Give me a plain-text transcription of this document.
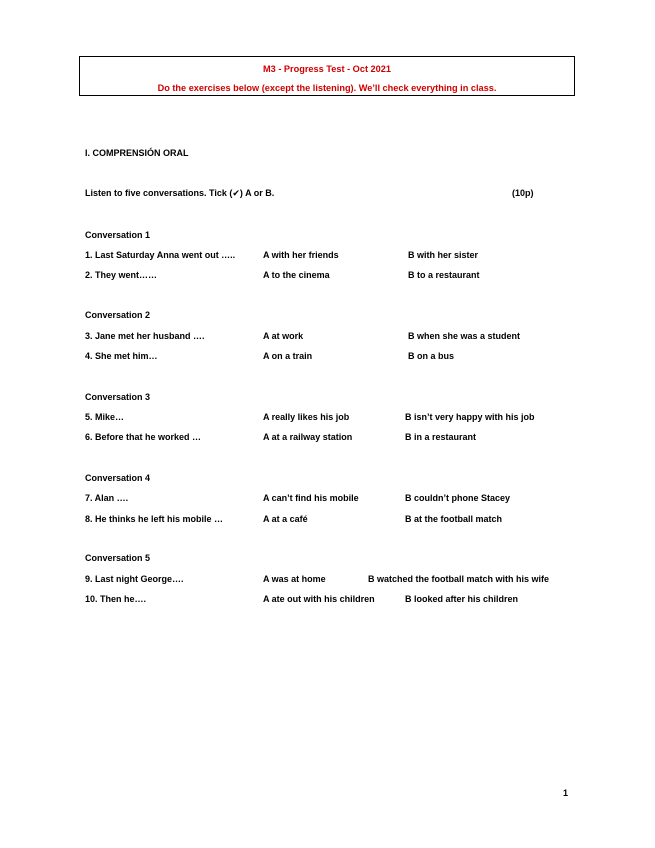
M3 - Progress Test - Oct 2021
Do the exercises below (except the listening). We’ll check everything in class.
I. COMPRENSIÓN ORAL
Listen to five conversations. Tick (✔) A or B.	(10p)
Conversation 1
1. Last Saturday Anna went out …..	A with her friends	B with her sister
2. They went……	A to the cinema	B to a restaurant
Conversation 2
3. Jane met her husband ….	A at work	B when she was a student
4. She met him…	A on a train	B on a bus
Conversation 3
5. Mike…	A really likes his job	B isn’t very happy with his job
6. Before that he worked …	A at a railway station	B in a restaurant
Conversation 4
7. Alan ….	A can’t find his mobile	B couldn’t phone Stacey
8. He thinks he left his mobile …	A at a café	B at the football match
Conversation 5
9. Last night George….	A was at home	B watched the football match with his wife
10. Then he….	A ate out with his children	B looked after his children
1
